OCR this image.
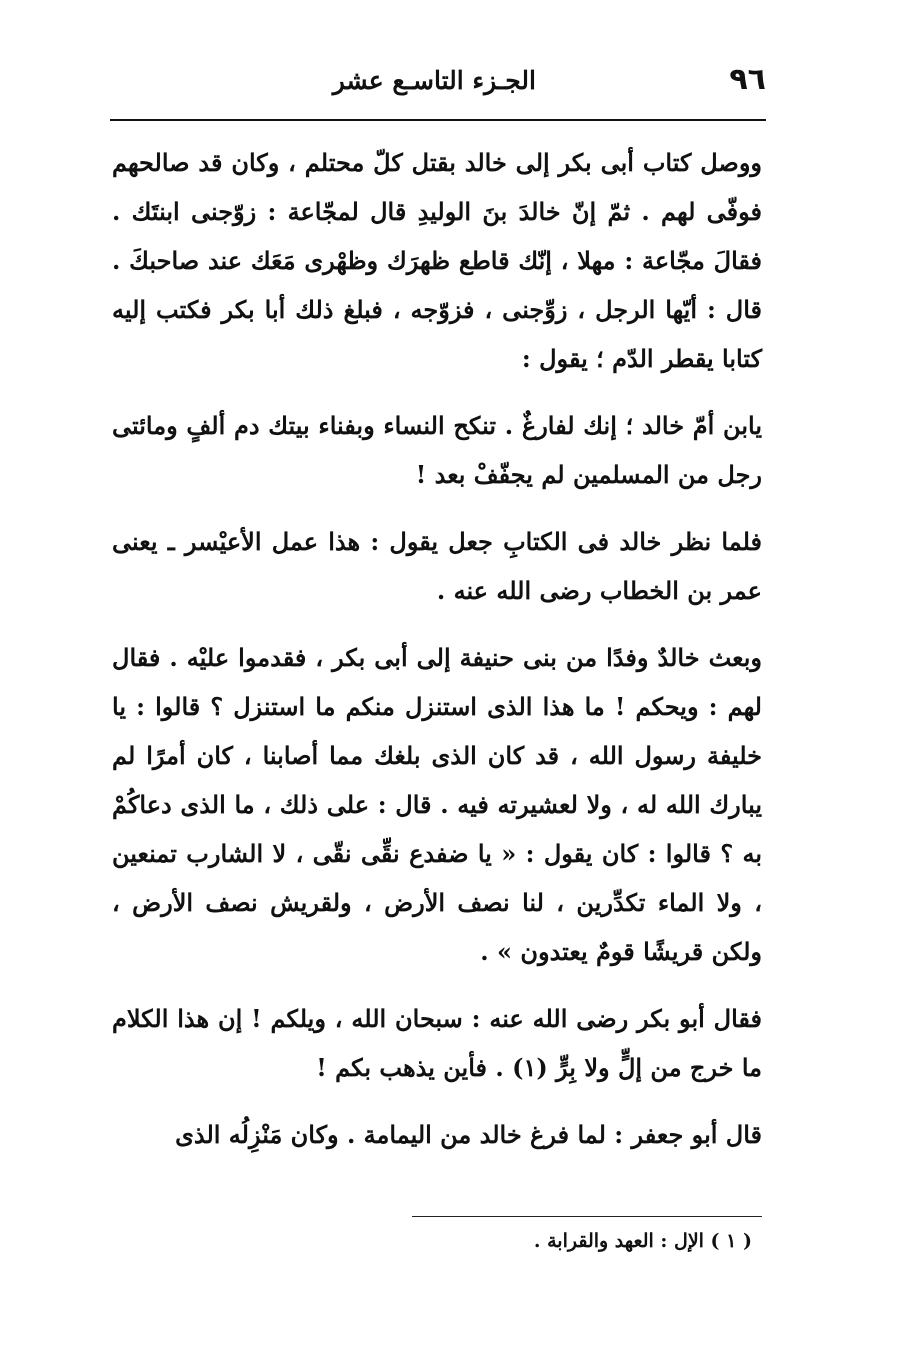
٩٦
الجـزء التاسـع عشر

ووصل كتاب أبى بكر إلى خالد بقتل كلّ محتلم ، وكان قد صالحهم فوفّى لهم . ثمّ إنّ خالدَ بنَ الوليدِ قال لمجّاعة : زوّجنى ابنتَك . فقالَ مجّاعة : مهلا ، إنّك قاطع ظهرَك وظهْرى مَعَك عند صاحبكَ . قال : أيّها الرجل ، زوِّجنى ، فزوّجه ، فبلغ ذلك أبا بكر فكتب إليه كتابا يقطر الدّم ؛ يقول :

يابن أمّ خالد ؛ إنك لفارغٌ . تنكح النساء وبفناء بيتك دم ألفٍ ومائتى رجل من المسلمين لم يجفّفْ بعد !

فلما نظر خالد فى الكتابِ جعل يقول : هذا عمل الأعيْسر ـ يعنى عمر بن الخطاب رضى الله عنه .

وبعث خالدٌ وفدًا من بنى حنيفة إلى أبى بكر ، فقدموا عليْه . فقال لهم : ويحكم ! ما هذا الذى استنزل منكم ما استنزل ؟ قالوا : يا خليفة رسول الله ، قد كان الذى بلغك مما أصابنا ، كان أمرًا لم يبارك الله له ، ولا لعشيرته فيه . قال : على ذلك ، ما الذى دعاكُمْ به ؟ قالوا : كان يقول : « يا ضفدع نقِّى نقّى ، لا الشارب تمنعين ، ولا الماء تكدِّرين ، لنا نصف الأرض ، ولقريش نصف الأرض ، ولكن قريشًا قومٌ يعتدون » .

فقال أبو بكر رضى الله عنه : سبحان الله ، ويلكم ! إن هذا الكلام ما خرج من إلٍّ ولا بِرٍّ (١) . فأين يذهب بكم !

قال أبو جعفر : لما فرغ خالد من اليمامة . وكان مَنْزِلُه الذى

( ١ ) الإل : العهد والقرابة .
